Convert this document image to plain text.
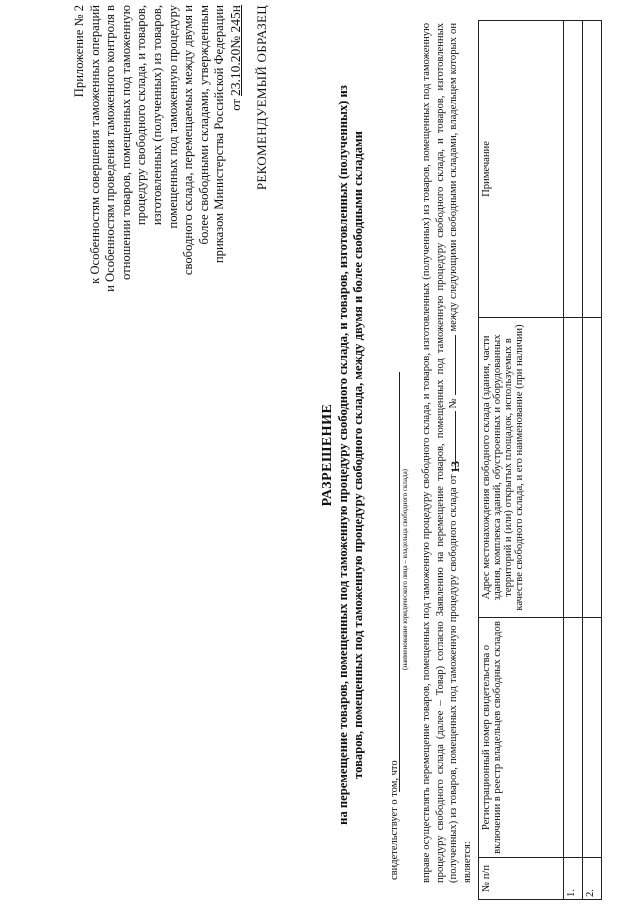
13
Приложение № 2 к Особенностям совершения таможенных операций и Особенностям проведения таможенного контроля в отношении товаров, помещенных под таможенную процедуру свободного склада, и товаров, изготовленных (полученных) из товаров, помещенных под таможенную процедуру свободного склада, перемещаемых между двумя и более свободными складами, утвержденным приказом Министерства Российской Федерации от 23.10.20№ 245н РЕКОМЕНДУЕМЫЙ ОБРАЗЕЦ
РАЗРЕШЕНИЕ на перемещение товаров, помещенных под таможенную процедуру свободного склада, и товаров, изготовленных (полученных) из товаров, помещенных под таможенную процедуру свободного склада, между двумя и более свободными складами
свидетельствует о том, что
(наименование юридического лица – владельца свободного склада) вправе осуществлять перемещение товаров, помещенных под таможенную процедуру свободного склада, и товаров, изготовленных (полученных) из товаров, помещенных под таможенную процедуру свободного склада (далее – Товар) согласно Заявлению на перемещение товаров, помещенных под таможенную процедуру свободного склада, и товаров, изготовленных (полученных) из товаров, помещенных под таможенную процедуру свободного склада от  №  между следующими свободными складами, владельцем которых он является: № п/п	Регистрационный номер свидетельства о включении в реестр владельцев свободных складов	Адрес местонахождения свободного склада (здания, части здания, комплекса зданий, обустроенных и оборудованных территорий и (или) открытых площадок, используемых в качестве свободного склада, и его наименование (при наличии)	Примечание
1.			
2.			
